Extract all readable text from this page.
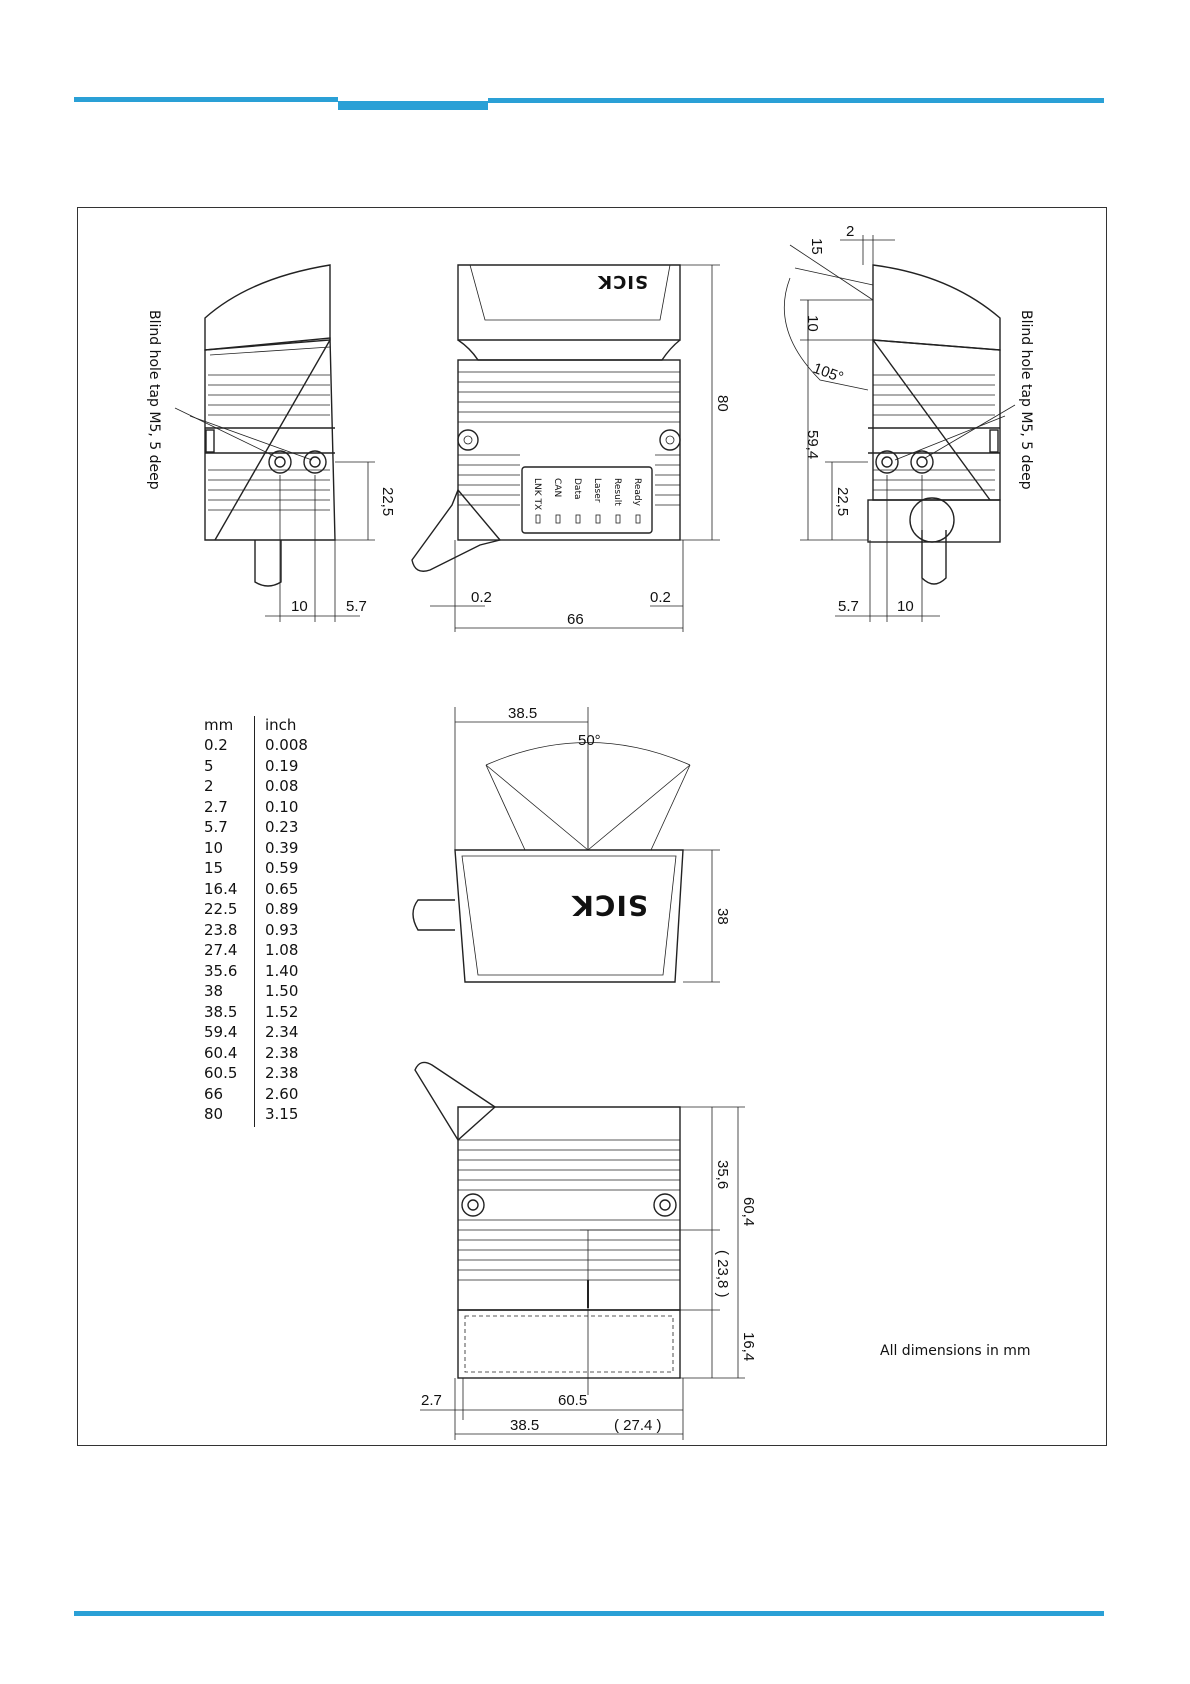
10	5.7
22,5
Blind hole tap M5, 5 deep
Ready
Result
Laser
Data
CAN
LNK TX
SICK
80
0.2	0.2
66
5.7	10
22,5
59,4
10
15
2
105°	Blind hole tap M5, 5 deep
38.5
50°
SICK	38
35,6
60,4
( 23,8 )
16,4
2.7	60.5
38.5	( 27.4 )
mm	inch
0.2	0.008
5	0.19
2	0.08
2.7	0.10
5.7	0.23
10	0.39
15	0.59
16.4	0.65
22.5	0.89
23.8	0.93
27.4	1.08
35.6	1.40
38	1.50
38.5	1.52
59.4	2.34
60.4	2.38
60.5	2.38
66	2.60
80	3.15
All dimensions in mm
